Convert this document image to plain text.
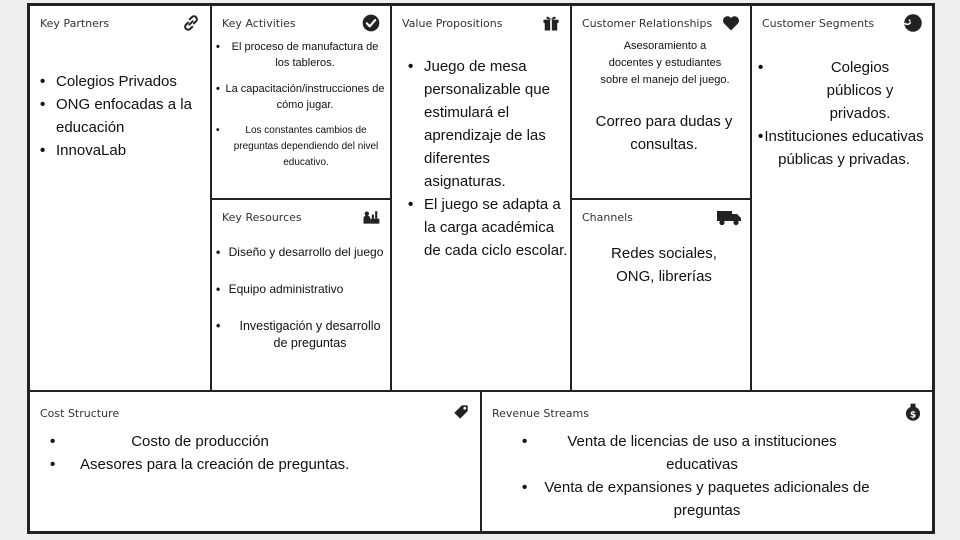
Key Partners
• Colegios Privados
• ONG enfocadas a la educación
• InnovaLab
Key Activities
• El proceso de manufactura de los tableros.
• La capacitación/instrucciones de cómo jugar.
• Los constantes cambios de preguntas dependiendo del nivel educativo.
Key Resources
• Diseño y desarrollo del juego
• Equipo administrativo
• Investigación y desarrollo de preguntas
Value Propositions
• Juego de mesa personalizable que estimulará el aprendizaje de las diferentes asignaturas.
• El juego se adapta a la carga académica de cada ciclo escolar.
Customer Relationships
Asesoramiento a docentes y estudiantes sobre el manejo del juego.
Correo para dudas y consultas.
Channels
Redes sociales, ONG, librerías
Customer Segments
• Colegios públicos y privados.
• Instituciones educativas públicas y privadas.
Cost Structure
• Costo de producción
• Asesores para la creación de preguntas.
Revenue Streams	$
• Venta de licencias de uso a instituciones educativas
• Venta de expansiones y paquetes adicionales de preguntas
